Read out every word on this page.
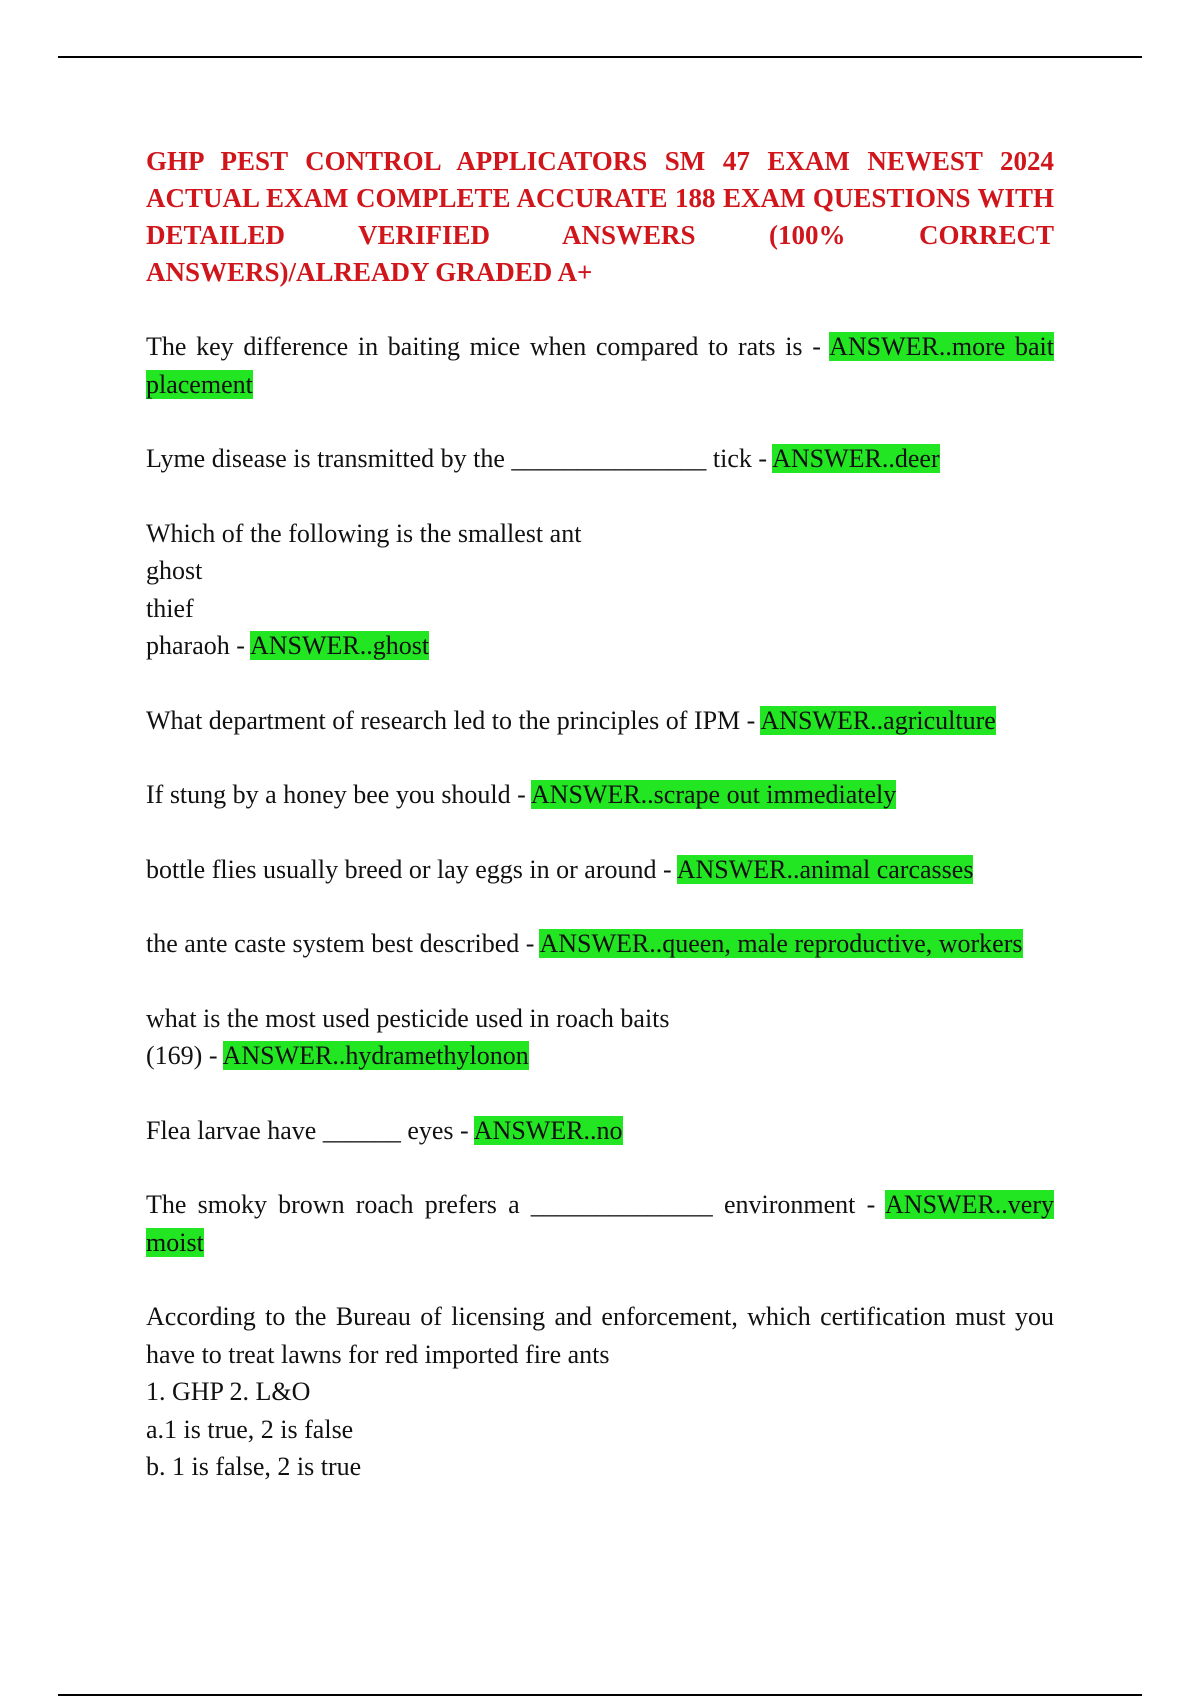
GHP PEST CONTROL APPLICATORS SM 47 EXAM NEWEST 2024 ACTUAL EXAM COMPLETE ACCURATE 188 EXAM QUESTIONS WITH DETAILED VERIFIED ANSWERS (100% CORRECT ANSWERS)/ALREADY GRADED A+
The key difference in baiting mice when compared to rats is - ANSWER..more bait placement
Lyme disease is transmitted by the _______________ tick - ANSWER..deer
Which of the following is the smallest ant
ghost
thief
pharaoh - ANSWER..ghost
What department of research led to the principles of IPM - ANSWER..agriculture
If stung by a honey bee you should - ANSWER..scrape out immediately
bottle flies usually breed or lay eggs in or around - ANSWER..animal carcasses
the ante caste system best described - ANSWER..queen, male reproductive, workers
what is the most used pesticide used in roach baits
(169) - ANSWER..hydramethylonon
Flea larvae have ______ eyes - ANSWER..no
The smoky brown roach prefers a ______________ environment - ANSWER..very moist
According to the Bureau of licensing and enforcement, which certification must you have to treat lawns for red imported fire ants
1. GHP 2. L&O
a.1 is true, 2 is false
b. 1 is false, 2 is true
